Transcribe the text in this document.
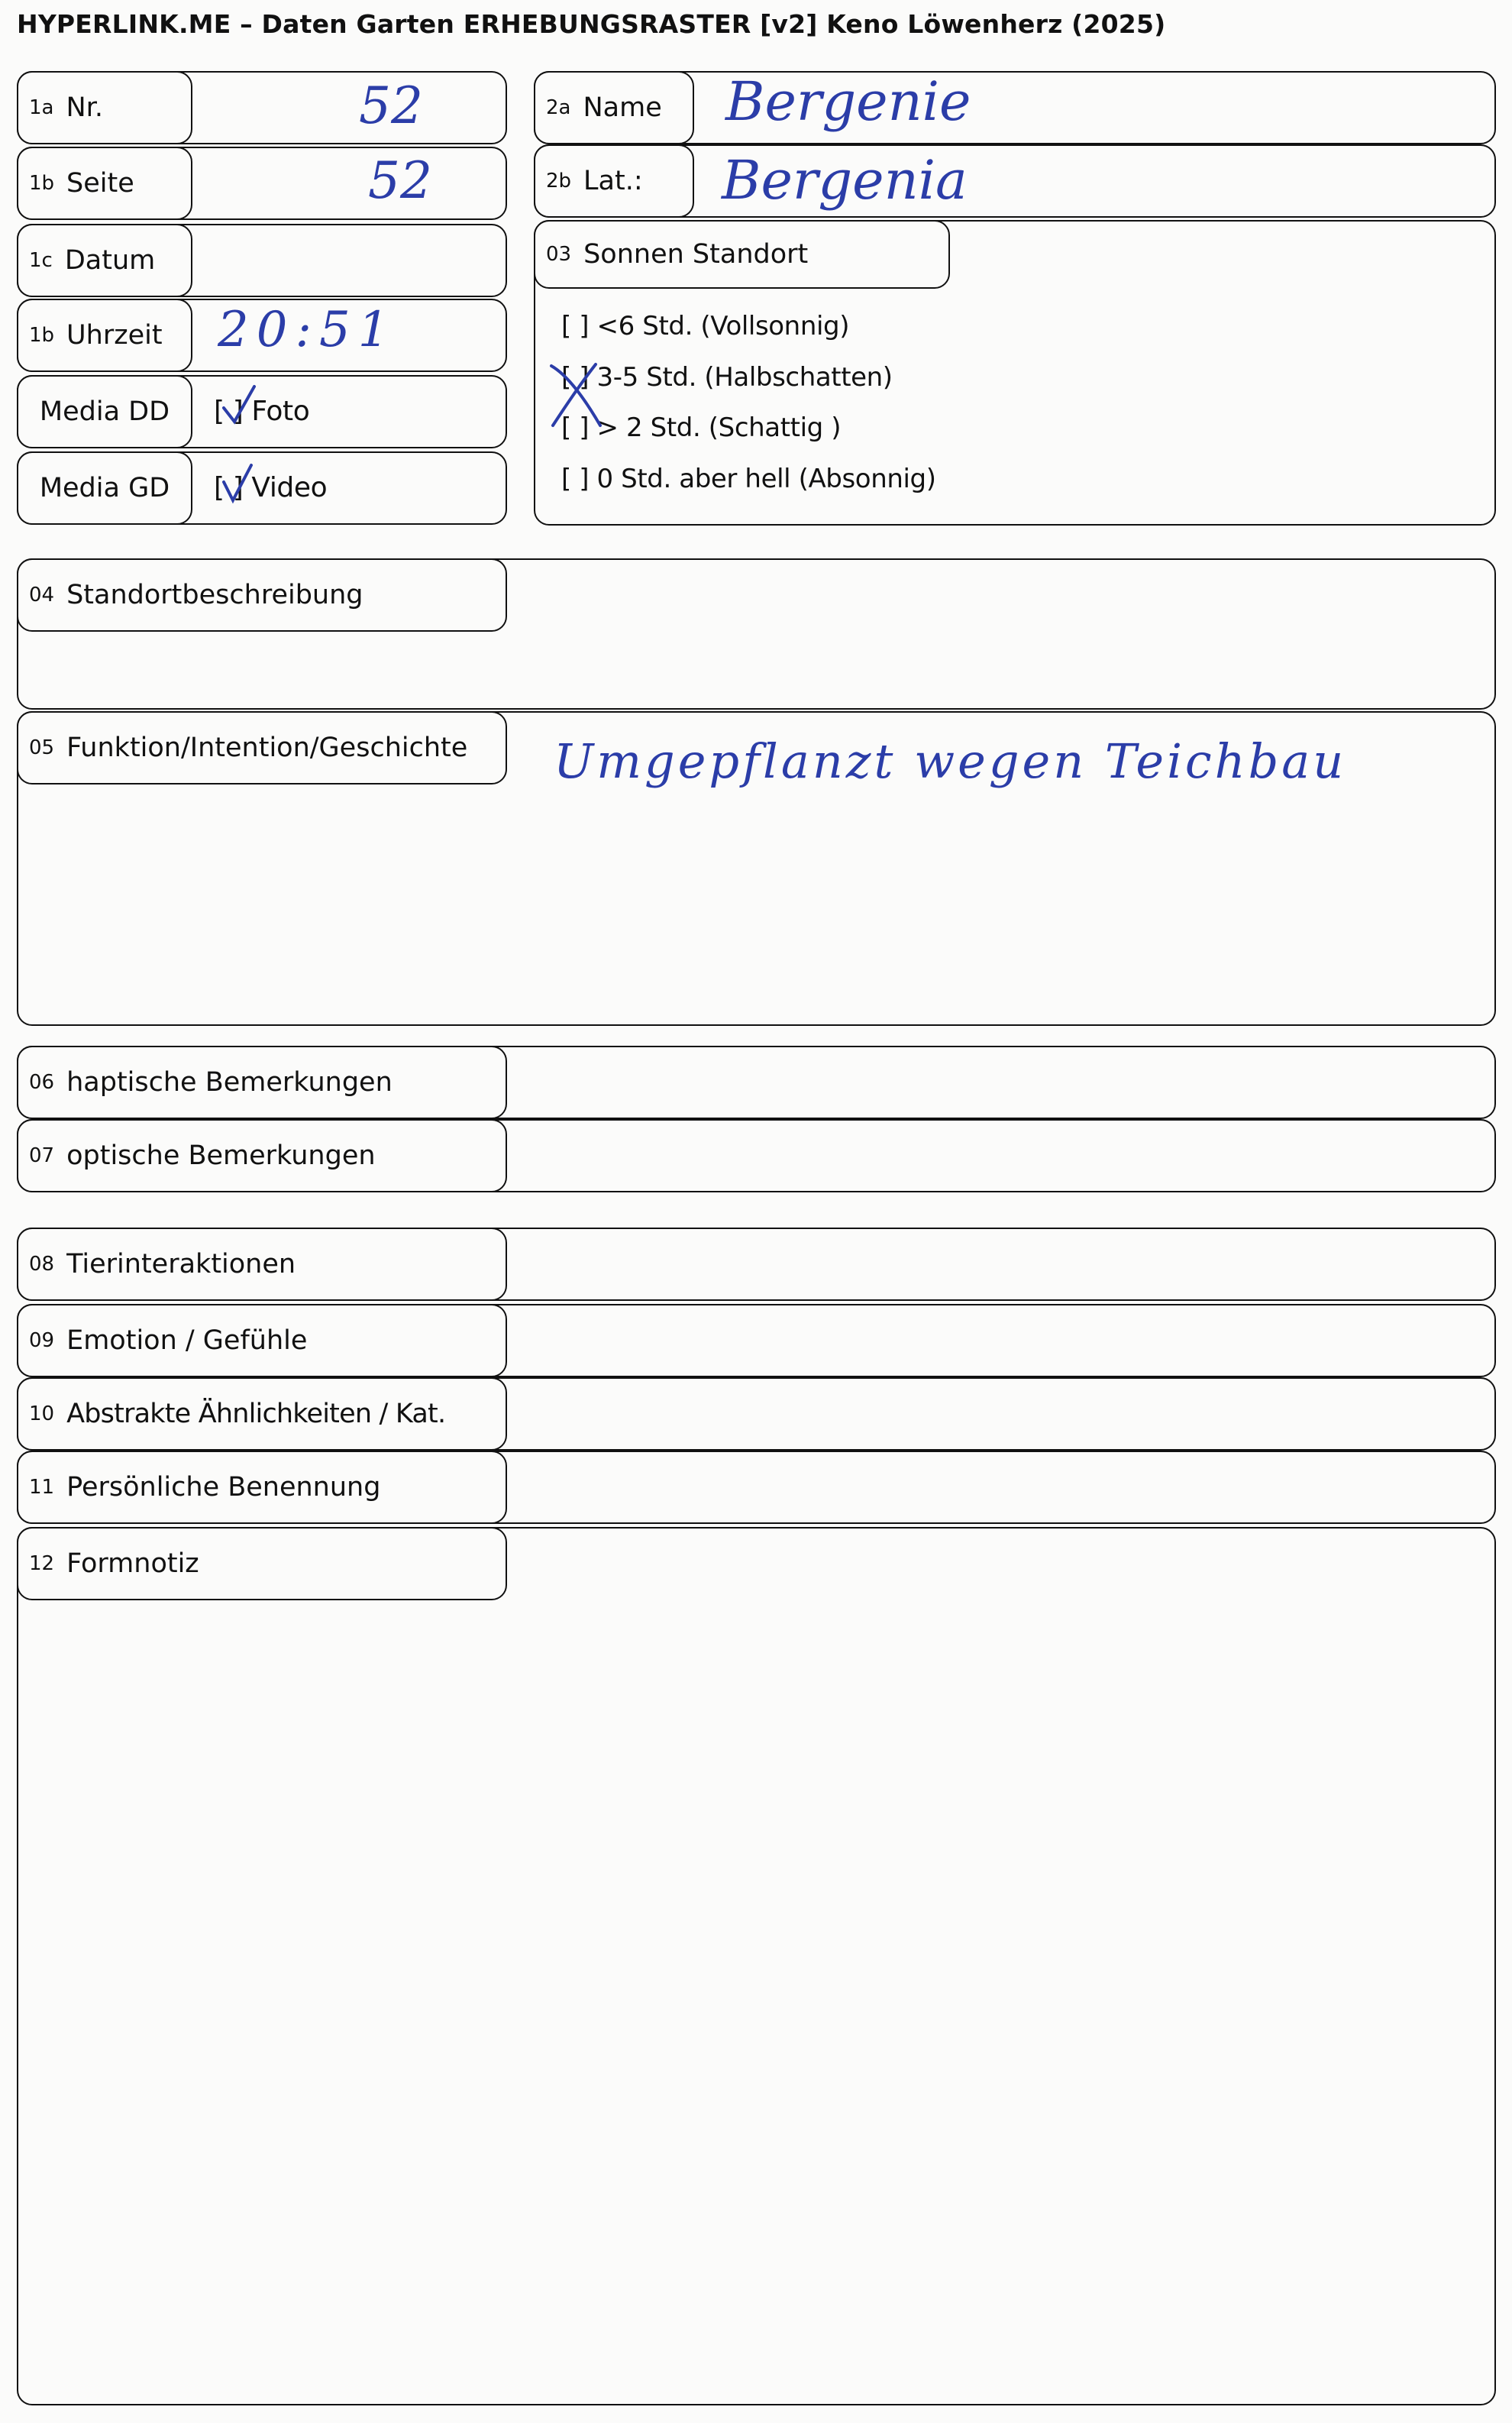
HYPERLINK.ME – Daten Garten ERHEBUNGSRASTER [v2] Keno Löwenherz (2025)
1a Nr.	52
1b Seite	52
1c Datum
1b Uhrzeit 20:51
Media DD	[ ] Foto
Media GD	[ ] Video
2a Name Bergenie
2b Lat.: Bergenia
03 Sonnen Standort
[ ] <6 Std. (Vollsonnig)
[ ] 3-5 Std. (Halbschatten)
[ ] > 2 Std. (Schattig )
[ ] 0 Std. aber hell (Absonnig)
04 Standortbeschreibung
05 Funktion/Intention/Geschichte Umgepflanzt wegen Teichbau
06 haptische Bemerkungen
07 optische Bemerkungen
08 Tierinteraktionen
09 Emotion / Gefühle
10 Abstrakte Ähnlichkeiten / Kat.
11 Persönliche Benennung
12 Formnotiz
